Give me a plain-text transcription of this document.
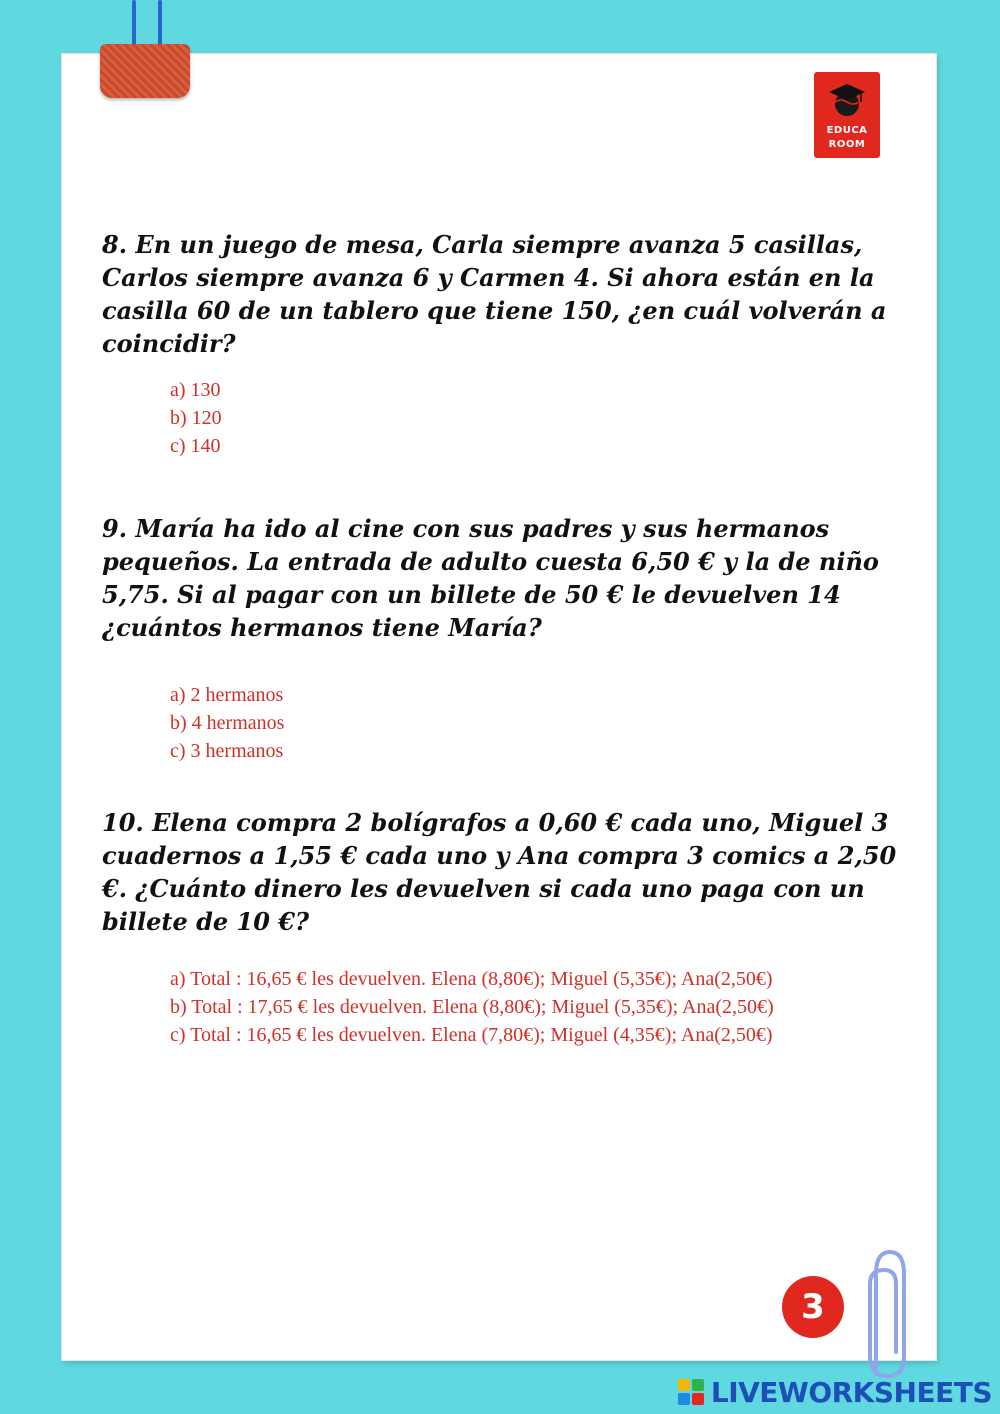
EDUCA
ROOM
8. En un juego de mesa, Carla siempre avanza 5 casillas, Carlos siempre avanza 6 y Carmen 4. Si ahora están en la casilla 60 de un tablero que tiene 150, ¿en cuál volverán a coincidir?
a) 130
b) 120
c) 140
9. María ha ido al cine con sus padres y sus hermanos pequeños. La entrada de adulto cuesta 6,50 € y la de niño 5,75. Si al pagar con un billete de 50 € le devuelven 14 ¿cuántos hermanos tiene María?
a) 2 hermanos
b) 4 hermanos
c) 3 hermanos
10. Elena compra 2 bolígrafos a 0,60 € cada uno, Miguel 3 cuadernos a 1,55 € cada uno y Ana compra 3 comics a 2,50 €. ¿Cuánto dinero les devuelven si cada uno paga con un billete de 10 €?
a) Total : 16,65 € les devuelven. Elena (8,80€); Miguel (5,35€); Ana(2,50€)
b) Total : 17,65 € les devuelven. Elena (8,80€); Miguel (5,35€); Ana(2,50€)
c) Total : 16,65 € les devuelven. Elena (7,80€); Miguel (4,35€); Ana(2,50€)
3
LIVEWORKSHEETS
